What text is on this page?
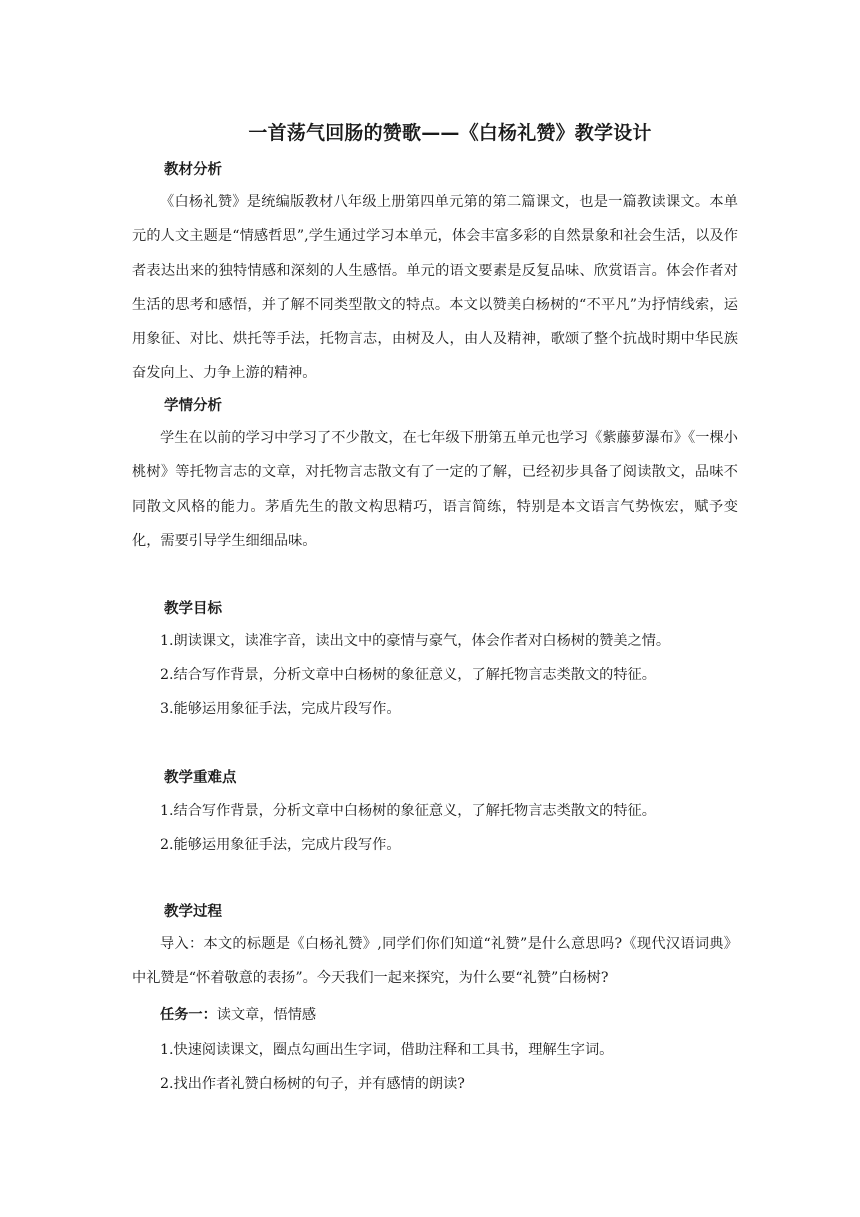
一首荡气回肠的赞歌——《白杨礼赞》教学设计
教材分析
《白杨礼赞》是统编版教材八年级上册第四单元第的第二篇课文，也是一篇教读课文。本单元的人文主题是“情感哲思”,学生通过学习本单元，体会丰富多彩的自然景象和社会生活，以及作者表达出来的独特情感和深刻的人生感悟。单元的语文要素是反复品味、欣赏语言。体会作者对生活的思考和感悟，并了解不同类型散文的特点。本文以赞美白杨树的“不平凡”为抒情线索，运用象征、对比、烘托等手法，托物言志，由树及人，由人及精神，歌颂了整个抗战时期中华民族奋发向上、力争上游的精神。
学情分析
学生在以前的学习中学习了不少散文，在七年级下册第五单元也学习《紫藤萝瀑布》《一棵小桃树》等托物言志的文章，对托物言志散文有了一定的了解，已经初步具备了阅读散文，品味不同散文风格的能力。茅盾先生的散文构思精巧，语言简练，特别是本文语言气势恢宏，赋予变化，需要引导学生细细品味。
教学目标
1.朗读课文，读准字音，读出文中的豪情与豪气，体会作者对白杨树的赞美之情。
2.结合写作背景，分析文章中白杨树的象征意义，了解托物言志类散文的特征。
3.能够运用象征手法，完成片段写作。
教学重难点
1.结合写作背景，分析文章中白杨树的象征意义，了解托物言志类散文的特征。
2.能够运用象征手法，完成片段写作。
教学过程
导入：本文的标题是《白杨礼赞》,同学们你们知道“礼赞”是什么意思吗?《现代汉语词典》中礼赞是“怀着敬意的表扬”。今天我们一起来探究，为什么要“礼赞”白杨树?
任务一：读文章，悟情感
1.快速阅读课文，圈点勾画出生字词，借助注释和工具书，理解生字词。
2.找出作者礼赞白杨树的句子，并有感情的朗读?
